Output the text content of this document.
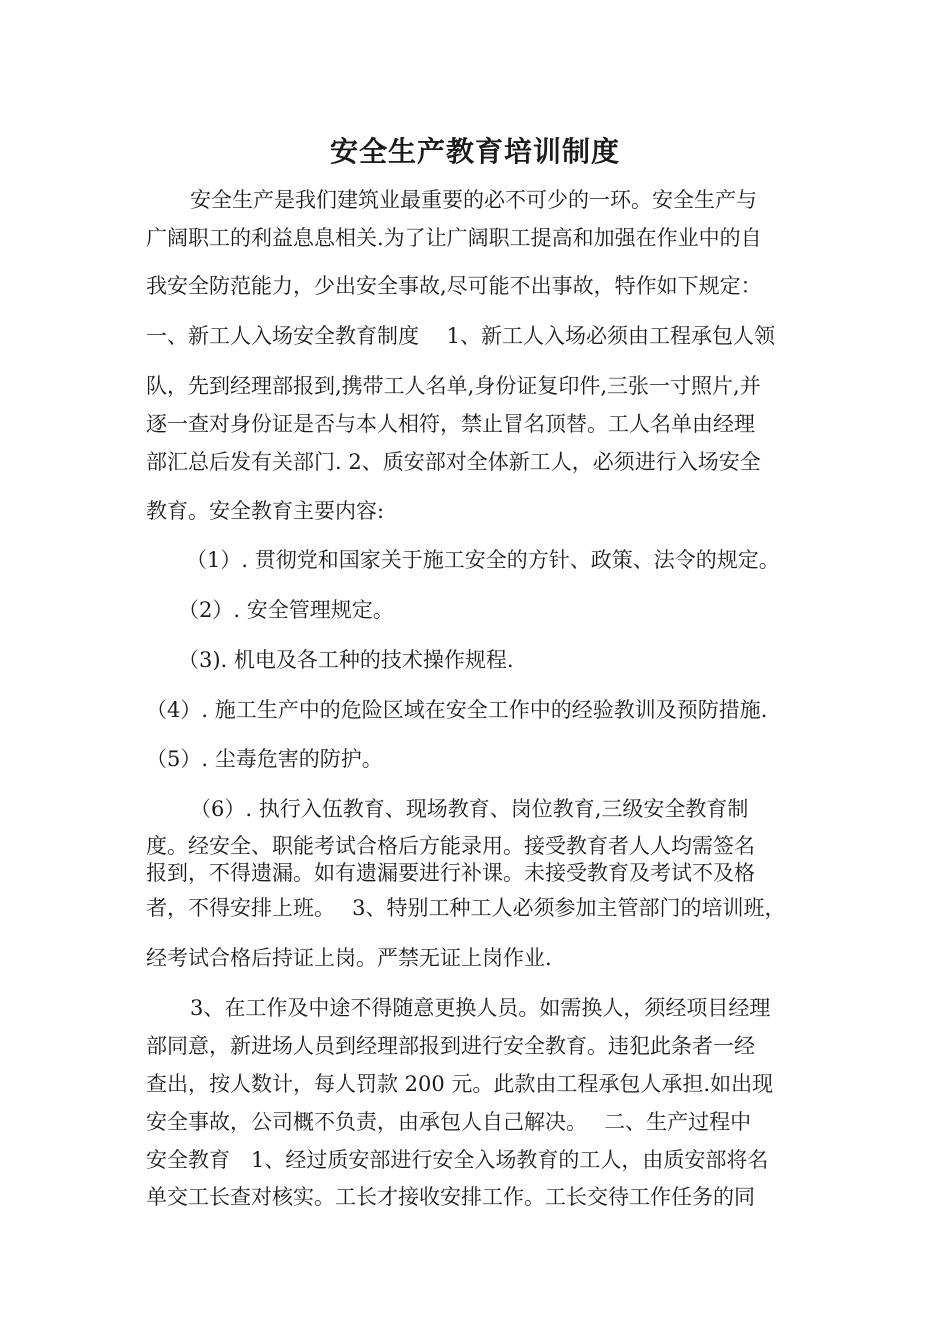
安全生产教育培训制度
安全生产是我们建筑业最重要的必不可少的一环。安全生产与
广阔职工的利益息息相关.为了让广阔职工提高和加强在作业中的自
我安全防范能力，少出安全事故,尽可能不出事故，特作如下规定：
一、新工人入场安全教育制度　 1、新工人入场必须由工程承包人领
队，先到经理部报到,携带工人名单,身份证复印件,三张一寸照片,并
逐一查对身份证是否与本人相符，禁止冒名顶替。工人名单由经理
部汇总后发有关部门. 2、质安部对全体新工人，必须进行入场安全
教育。安全教育主要内容:
（1）. 贯彻党和国家关于施工安全的方针、政策、法令的规定。
（2）. 安全管理规定。
（3). 机电及各工种的技术操作规程.
（4）. 施工生产中的危险区域在安全工作中的经验教训及预防措施.
（5）. 尘毒危害的防护。
（6）. 执行入伍教育、现场教育、岗位教育,三级安全教育制
度。经安全、职能考试合格后方能录用。接受教育者人人均需签名
报到，不得遗漏。如有遗漏要进行补课。未接受教育及考试不及格
者，不得安排上班。　 3、特别工种工人必须参加主管部门的培训班，
经考试合格后持证上岗。严禁无证上岗作业.
3、在工作及中途不得随意更换人员。如需换人，须经项目经理
部同意，新进场人员到经理部报到进行安全教育。违犯此条者一经
查出，按人数计，每人罚款 200 元。此款由工程承包人承担.如出现
安全事故，公司概不负责，由承包人自己解决。　 二、生产过程中
安全教育　1、经过质安部进行安全入场教育的工人，由质安部将名
单交工长查对核实。工长才接收安排工作。工长交待工作任务的同
